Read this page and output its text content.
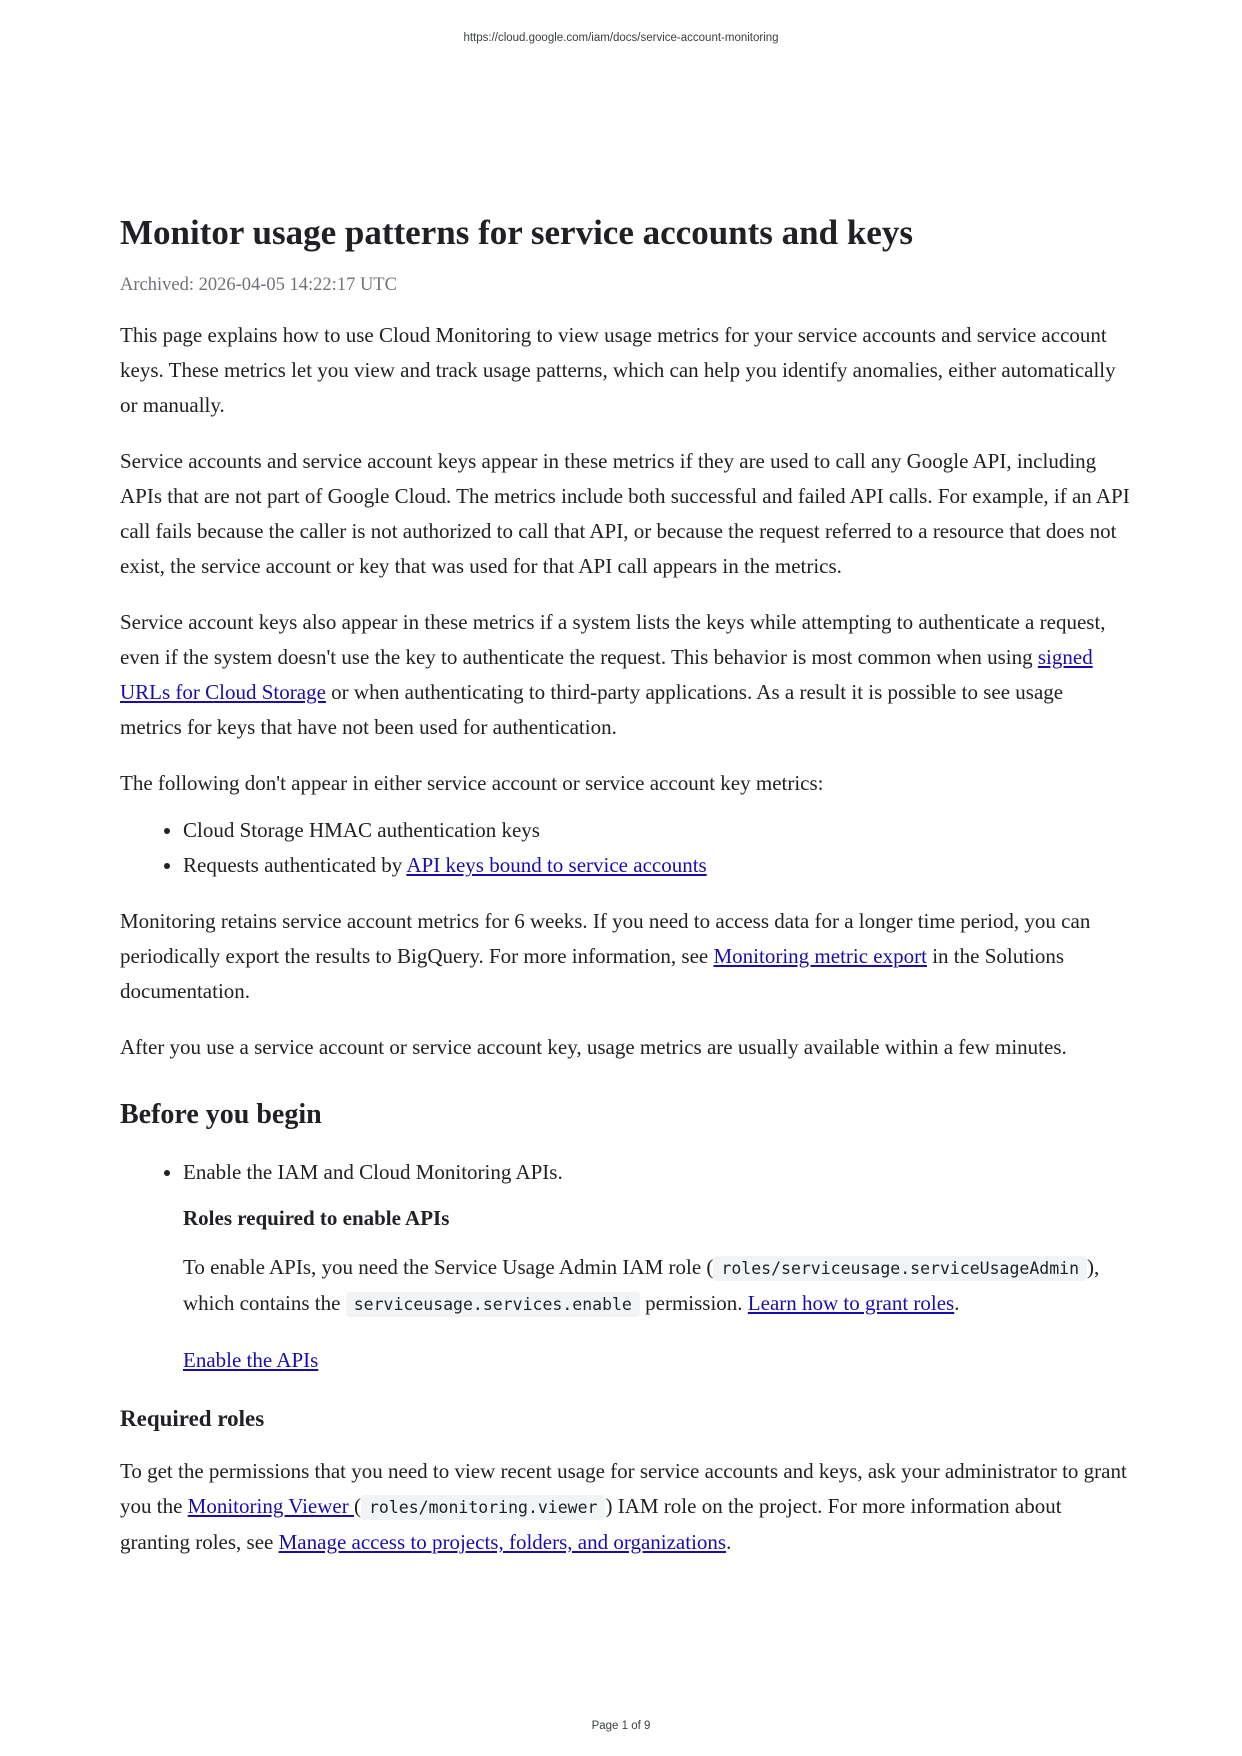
https://cloud.google.com/iam/docs/service-account-monitoring
Monitor usage patterns for service accounts and keys
Archived: 2026-04-05 14:22:17 UTC

This page explains how to use Cloud Monitoring to view usage metrics for your service accounts and service account keys. These metrics let you view and track usage patterns, which can help you identify anomalies, either automatically or manually.

Service accounts and service account keys appear in these metrics if they are used to call any Google API, including APIs that are not part of Google Cloud. The metrics include both successful and failed API calls. For example, if an API call fails because the caller is not authorized to call that API, or because the request referred to a resource that does not exist, the service account or key that was used for that API call appears in the metrics.

Service account keys also appear in these metrics if a system lists the keys while attempting to authenticate a request, even if the system doesn't use the key to authenticate the request. This behavior is most common when using signed URLs for Cloud Storage or when authenticating to third-party applications. As a result it is possible to see usage metrics for keys that have not been used for authentication.

The following don't appear in either service account or service account key metrics:

• Cloud Storage HMAC authentication keys
• Requests authenticated by API keys bound to service accounts

Monitoring retains service account metrics for 6 weeks. If you need to access data for a longer time period, you can periodically export the results to BigQuery. For more information, see Monitoring metric export in the Solutions documentation.

After you use a service account or service account key, usage metrics are usually available within a few minutes.

Before you begin
• Enable the IAM and Cloud Monitoring APIs.
Roles required to enable APIs

To enable APIs, you need the Service Usage Admin IAM role ( roles/serviceusage.serviceUsageAdmin ), which contains the serviceusage.services.enable permission. Learn how to grant roles.

Enable the APIs

Required roles

To get the permissions that you need to view recent usage for service accounts and keys, ask your administrator to grant you the Monitoring Viewer ( roles/monitoring.viewer ) IAM role on the project. For more information about granting roles, see Manage access to projects, folders, and organizations.

Page 1 of 9
